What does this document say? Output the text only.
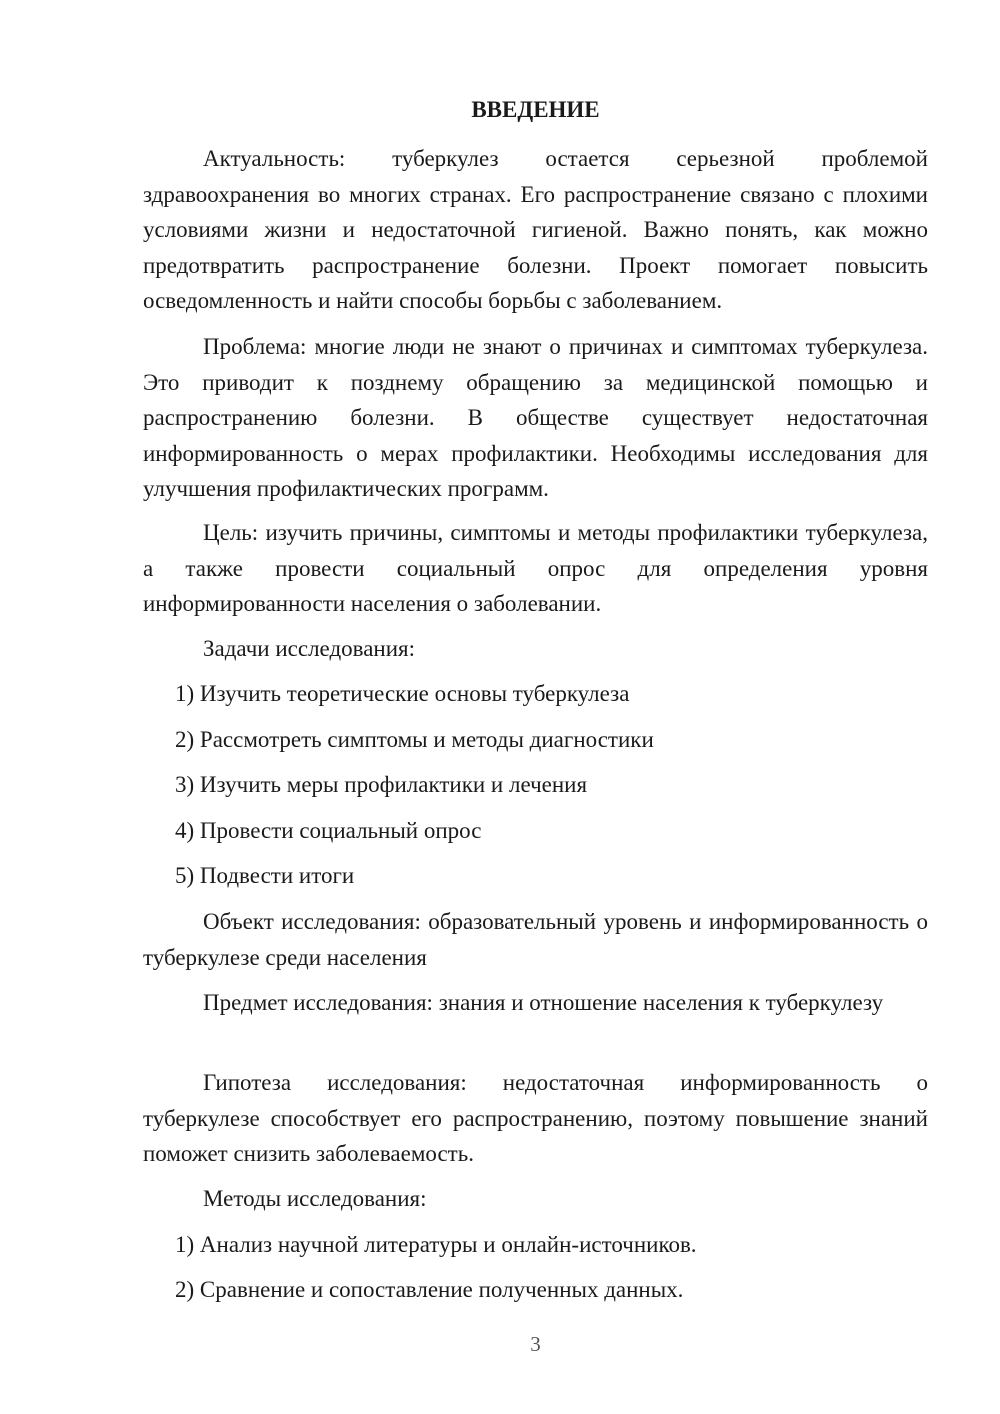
ВВЕДЕНИЕ

Актуальность: туберкулез остается серьезной проблемой здравоохранения во многих странах. Его распространение связано с плохими условиями жизни и недостаточной гигиеной. Важно понять, как можно предотвратить распространение болезни. Проект помогает повысить осведомленность и найти способы борьбы с заболеванием.

Проблема: многие люди не знают о причинах и симптомах туберкулеза. Это приводит к позднему обращению за медицинской помощью и распространению болезни. В обществе существует недостаточная информированность о мерах профилактики. Необходимы исследования для улучшения профилактических программ.

Цель: изучить причины, симптомы и методы профилактики туберкулеза, а также провести социальный опрос для определения уровня информированности населения о заболевании.

Задачи исследования:

1) Изучить теоретические основы туберкулеза

2) Рассмотреть симптомы и методы диагностики

3) Изучить меры профилактики и лечения

4) Провести социальный опрос

5) Подвести итоги

Объект исследования: образовательный уровень и информированность о туберкулезе среди населения

Предмет исследования: знания и отношение населения к туберкулезу

Гипотеза исследования: недостаточная информированность о туберкулезе способствует его распространению, поэтому повышение знаний поможет снизить заболеваемость.

Методы исследования:

1) Анализ научной литературы и онлайн-источников.

2) Сравнение и сопоставление полученных данных.

3
